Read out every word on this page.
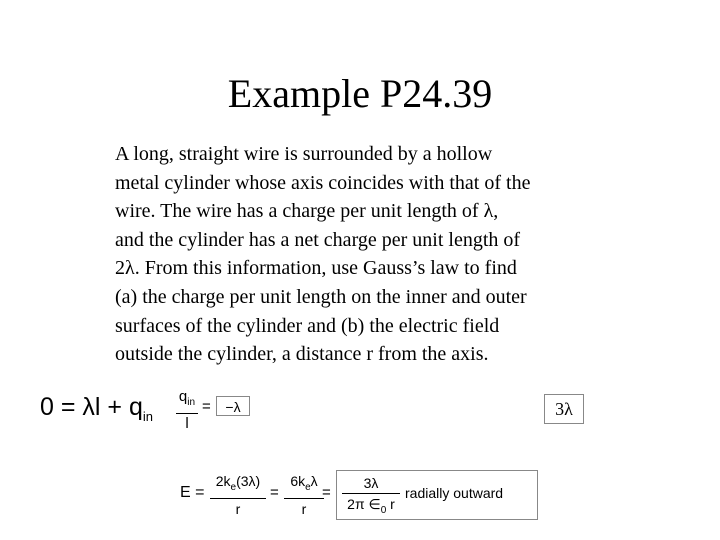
Example P24.39
A long, straight wire is surrounded by a hollow
metal cylinder whose axis coincides with that of the
wire. The wire has a charge per unit length of λ,
and the cylinder has a net charge per unit length of
2λ. From this information, use Gauss’s law to find
(a) the charge per unit length on the inner and outer
surfaces of the cylinder and (b) the electric field
outside the cylinder, a distance r from the axis.
$0 = \lambda l + q_{in}$
$q_{in}$
l
=	−λ	3λ
E =
$2k_e(3\lambda)$
r
=
$6k_e\lambda$
r
=
3λ
2π $\in_0$ r
radially outward
